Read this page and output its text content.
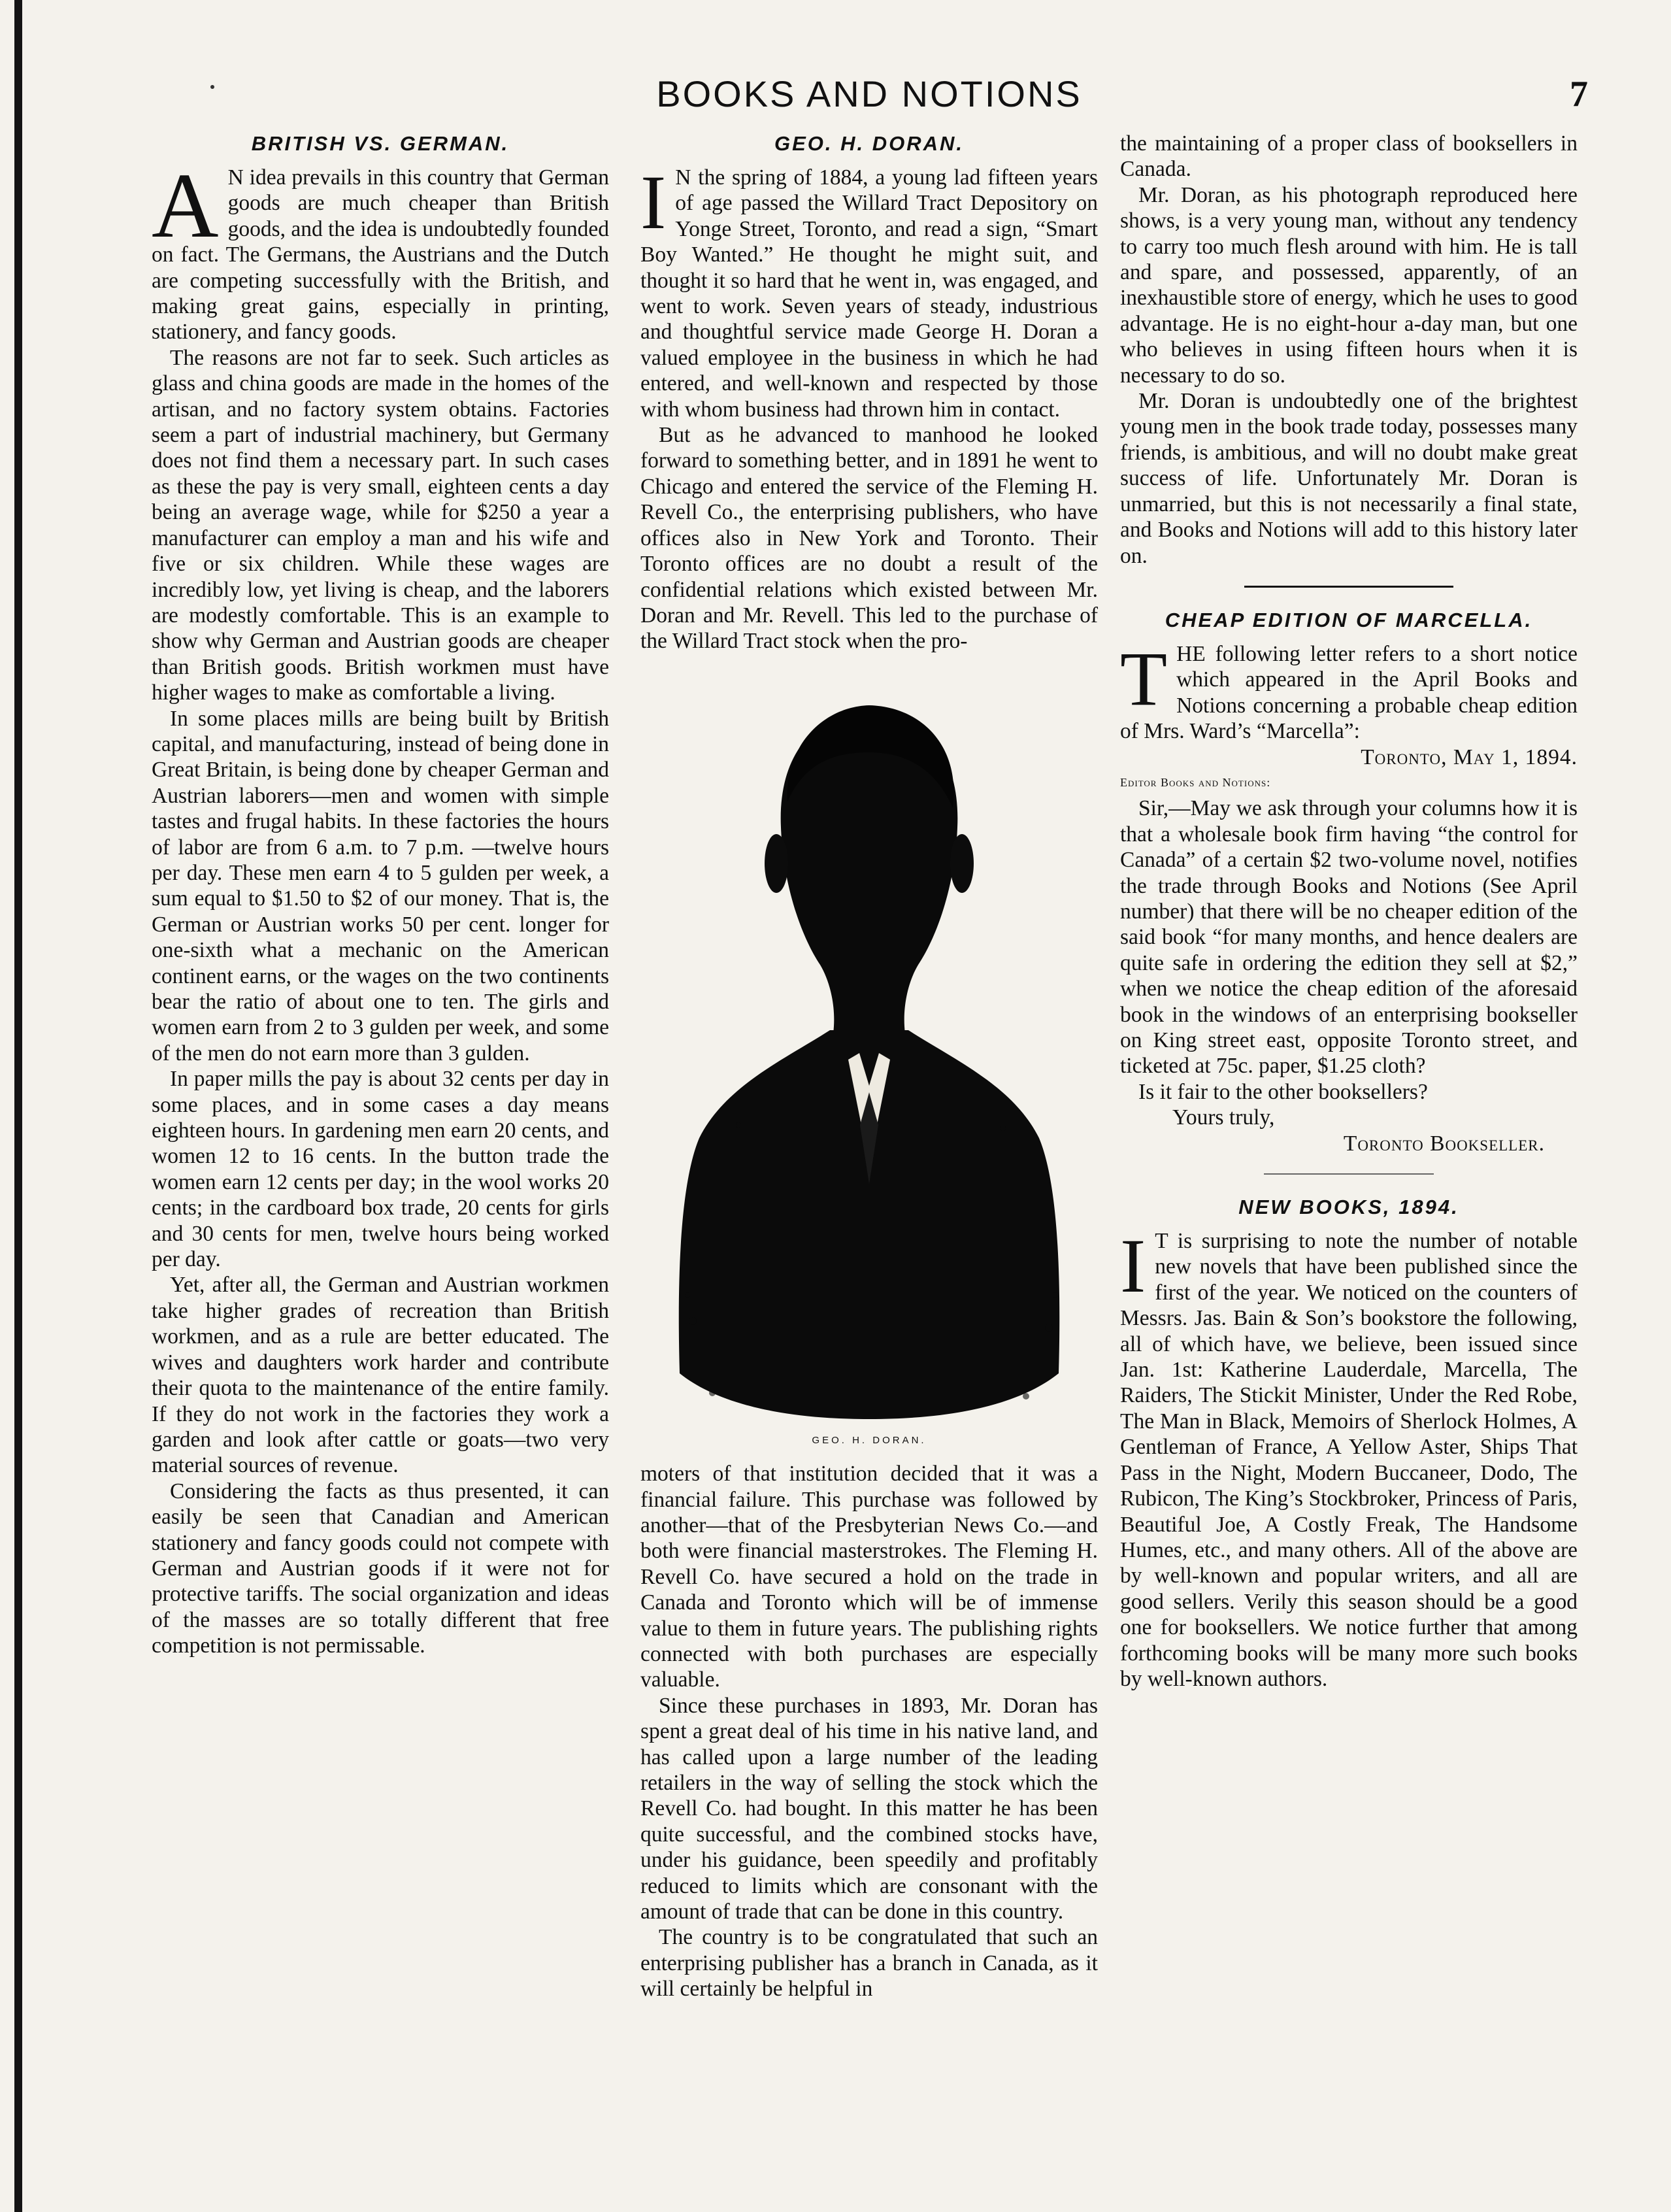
BOOKS AND NOTIONS	7
BRITISH VS. GERMAN.

A N idea prevails in this country that German goods are much cheaper than British goods, and the idea is undoubtedly founded on fact. The Germans, the Austrians and the Dutch are competing successfully with the British, and making great gains, especially in printing, stationery, and fancy goods.

The reasons are not far to seek. Such articles as glass and china goods are made in the homes of the artisan, and no factory system obtains. Factories seem a part of industrial machinery, but Germany does not find them a necessary part. In such cases as these the pay is very small, eighteen cents a day being an average wage, while for $250 a year a manufacturer can employ a man and his wife and five or six children. While these wages are incredibly low, yet living is cheap, and the laborers are modestly comfortable. This is an example to show why German and Austrian goods are cheaper than British goods. British workmen must have higher wages to make as comfortable a living.

In some places mills are being built by British capital, and manufacturing, instead of being done in Great Britain, is being done by cheaper German and Austrian laborers—men and women with simple tastes and frugal habits. In these factories the hours of labor are from 6 a.m. to 7 p.m. —twelve hours per day. These men earn 4 to 5 gulden per week, a sum equal to $1.50 to $2 of our money. That is, the German or Austrian works 50 per cent. longer for one-sixth what a mechanic on the American continent earns, or the wages on the two continents bear the ratio of about one to ten. The girls and women earn from 2 to 3 gulden per week, and some of the men do not earn more than 3 gulden.

In paper mills the pay is about 32 cents per day in some places, and in some cases a day means eighteen hours. In gardening men earn 20 cents, and women 12 to 16 cents. In the button trade the women earn 12 cents per day; in the wool works 20 cents; in the cardboard box trade, 20 cents for girls and 30 cents for men, twelve hours being worked per day.

Yet, after all, the German and Austrian workmen take higher grades of recreation than British workmen, and as a rule are better educated. The wives and daughters work harder and contribute their quota to the maintenance of the entire family. If they do not work in the factories they work a garden and look after cattle or goats—two very material sources of revenue.

Considering the facts as thus presented, it can easily be seen that Canadian and American stationery and fancy goods could not compete with German and Austrian goods if it were not for protective tariffs. The social organization and ideas of the masses are so totally different that free competition is not permissable.

GEO. H. DORAN.

I N the spring of 1884, a young lad fifteen years of age passed the Willard Tract Depository on Yonge Street, Toronto, and read a sign, “Smart Boy Wanted.” He thought he might suit, and thought it so hard that he went in, was engaged, and went to work. Seven years of steady, industrious and thoughtful service made George H. Doran a valued employee in the business in which he had entered, and well-known and respected by those with whom business had thrown him in contact.

But as he advanced to manhood he looked forward to something better, and in 1891 he went to Chicago and entered the service of the Fleming H. Revell Co., the enterprising publishers, who have offices also in New York and Toronto. Their Toronto offices are no doubt a result of the confidential relations which existed between Mr. Doran and Mr. Revell. This led to the purchase of the Willard Tract stock when the pro-

GEO. H. DORAN.

moters of that institution decided that it was a financial failure. This purchase was followed by another—that of the Presbyterian News Co.—and both were financial masterstrokes. The Fleming H. Revell Co. have secured a hold on the trade in Canada and Toronto which will be of immense value to them in future years. The publishing rights connected with both purchases are especially valuable.

Since these purchases in 1893, Mr. Doran has spent a great deal of his time in his native land, and has called upon a large number of the leading retailers in the way of selling the stock which the Revell Co. had bought. In this matter he has been quite successful, and the combined stocks have, under his guidance, been speedily and profitably reduced to limits which are consonant with the amount of trade that can be done in this country.

The country is to be congratulated that such an enterprising publisher has a branch in Canada, as it will certainly be helpful in

the maintaining of a proper class of booksellers in Canada.

Mr. Doran, as his photograph reproduced here shows, is a very young man, without any tendency to carry too much flesh around with him. He is tall and spare, and possessed, apparently, of an inexhaustible store of energy, which he uses to good advantage. He is no eight-hour a-day man, but one who believes in using fifteen hours when it is necessary to do so.

Mr. Doran is undoubtedly one of the brightest young men in the book trade today, possesses many friends, is ambitious, and will no doubt make great success of life. Unfortunately Mr. Doran is unmarried, but this is not necessarily a final state, and Books and Notions will add to this history later on.

CHEAP EDITION OF MARCELLA.

THE following letter refers to a short notice which appeared in the April Books and Notions concerning a probable cheap edition of Mrs. Ward’s “Marcella”:

Toronto, May 1, 1894.

Editor Books and Notions:

Sir,—May we ask through your columns how it is that a wholesale book firm having “the control for Canada” of a certain $2 two-volume novel, notifies the trade through Books and Notions (See April number) that there will be no cheaper edition of the said book “for many months, and hence dealers are quite safe in ordering the edition they sell at $2,” when we notice the cheap edition of the aforesaid book in the windows of an enterprising bookseller on King street east, opposite Toronto street, and ticketed at 75c. paper, $1.25 cloth?

Is it fair to the other booksellers?

Yours truly,

Toronto Bookseller.

NEW BOOKS, 1894.

I T is surprising to note the number of notable new novels that have been published since the first of the year. We noticed on the counters of Messrs. Jas. Bain & Son’s bookstore the following, all of which have, we believe, been issued since Jan. 1st: Katherine Lauderdale, Marcella, The Raiders, The Stickit Minister, Under the Red Robe, The Man in Black, Memoirs of Sherlock Holmes, A Gentleman of France, A Yellow Aster, Ships That Pass in the Night, Modern Buccaneer, Dodo, The Rubicon, The King’s Stockbroker, Princess of Paris, Beautiful Joe, A Costly Freak, The Handsome Humes, etc., and many others. All of the above are by well-known and popular writers, and all are good sellers. Verily this season should be a good one for booksellers. We notice further that among forthcoming books will be many more such books by well-known authors.
